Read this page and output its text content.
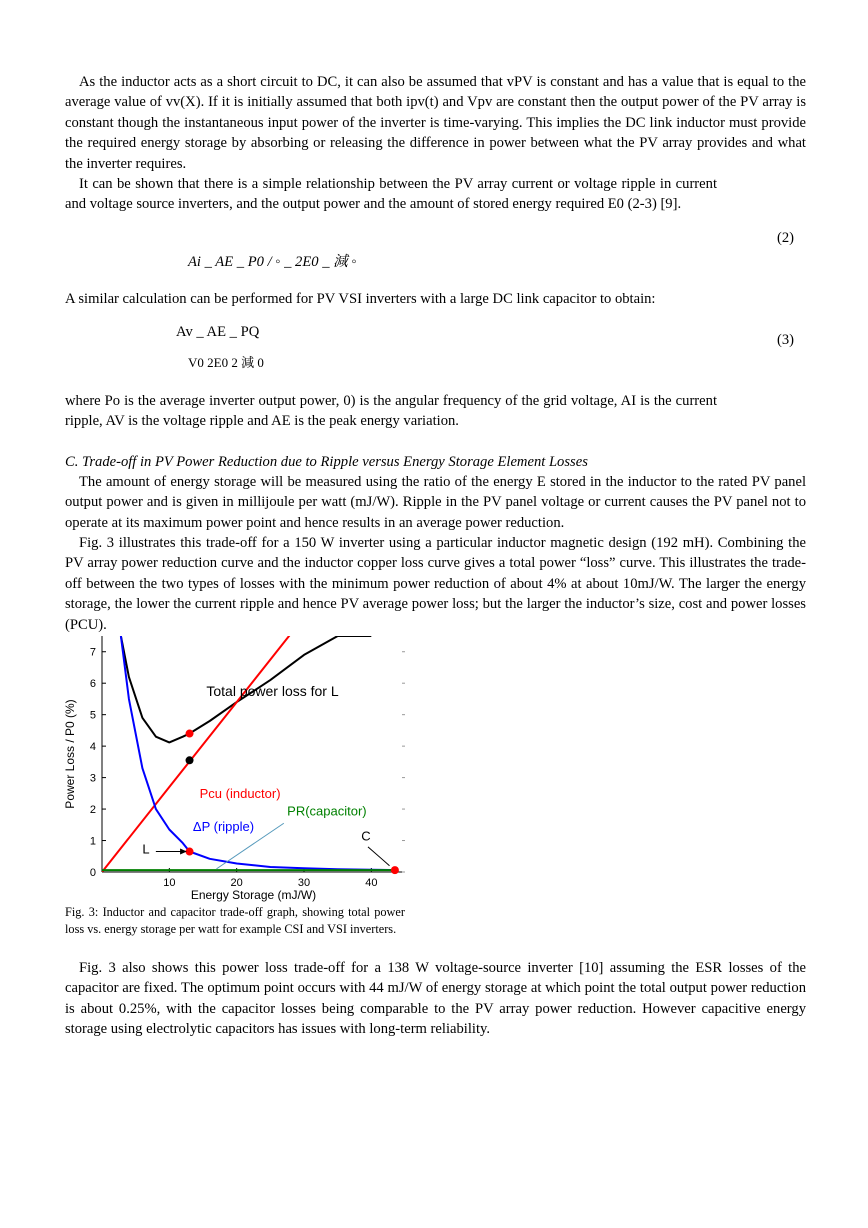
As the inductor acts as a short circuit to DC, it can also be assumed that vPV is constant and has a value that is equal to the average value of vv(X). If it is initially assumed that both ipv(t) and Vpv are constant then the output power of the PV array is constant though the instantaneous input power of the inverter is time-varying. This implies the DC link inductor must provide the required energy storage by absorbing or releasing the difference in power between what the PV array provides and what the inverter requires.

It can be shown that there is a simple relationship between the PV array current or voltage ripple in current and voltage source inverters, and the output power and the amount of stored energy required E0 (2-3) [9].

(2)
Ai _ AE _ P0 / ◦ _ 2E0 _ 減 ◦

A similar calculation can be performed for PV VSI inverters with a large DC link capacitor to obtain:

Av _ AE _ PQ
V0 2E0 2 減 0
(3)

where Po is the average inverter output power, 0) is the angular frequency of the grid voltage, AI is the current ripple, AV is the voltage ripple and AE is the peak energy variation.

C. Trade-off in PV Power Reduction due to Ripple versus Energy Storage Element Losses

The amount of energy storage will be measured using the ratio of the energy E stored in the inductor to the rated PV panel output power and is given in millijoule per watt (mJ/W). Ripple in the PV panel voltage or current causes the PV panel not to operate at its maximum power point and hence results in an average power reduction.

Fig. 3 illustrates this trade-off for a 150 W inverter using a particular inductor magnetic design (192 mH). Combining the PV array power reduction curve and the inductor copper loss curve gives a total power “loss” curve. This illustrates the trade-off between the two types of losses with the minimum power reduction of about 4% at about 10mJ/W. The larger the energy storage, the lower the current ripple and hence PV average power loss; but the larger the inductor’s size, cost and power losses (PCU).

0
1
2
3
4
5
6
7
10	20	30	40
Energy Storage (mJ/W)
Power Loss / P0 (%)
Total power loss for L
Pcu (inductor)
ΔP (ripple)
PR(capacitor)
L
C

Fig. 3: Inductor and capacitor trade-off graph, showing total power loss vs. energy storage per watt for example CSI and VSI inverters.

Fig. 3 also shows this power loss trade-off for a 138 W voltage-source inverter [10] assuming the ESR losses of the capacitor are fixed. The optimum point occurs with 44 mJ/W of energy storage at which point the total output power reduction is about 0.25%, with the capacitor losses being comparable to the PV array power reduction. However capacitive energy storage using electrolytic capacitors has issues with long-term reliability.
